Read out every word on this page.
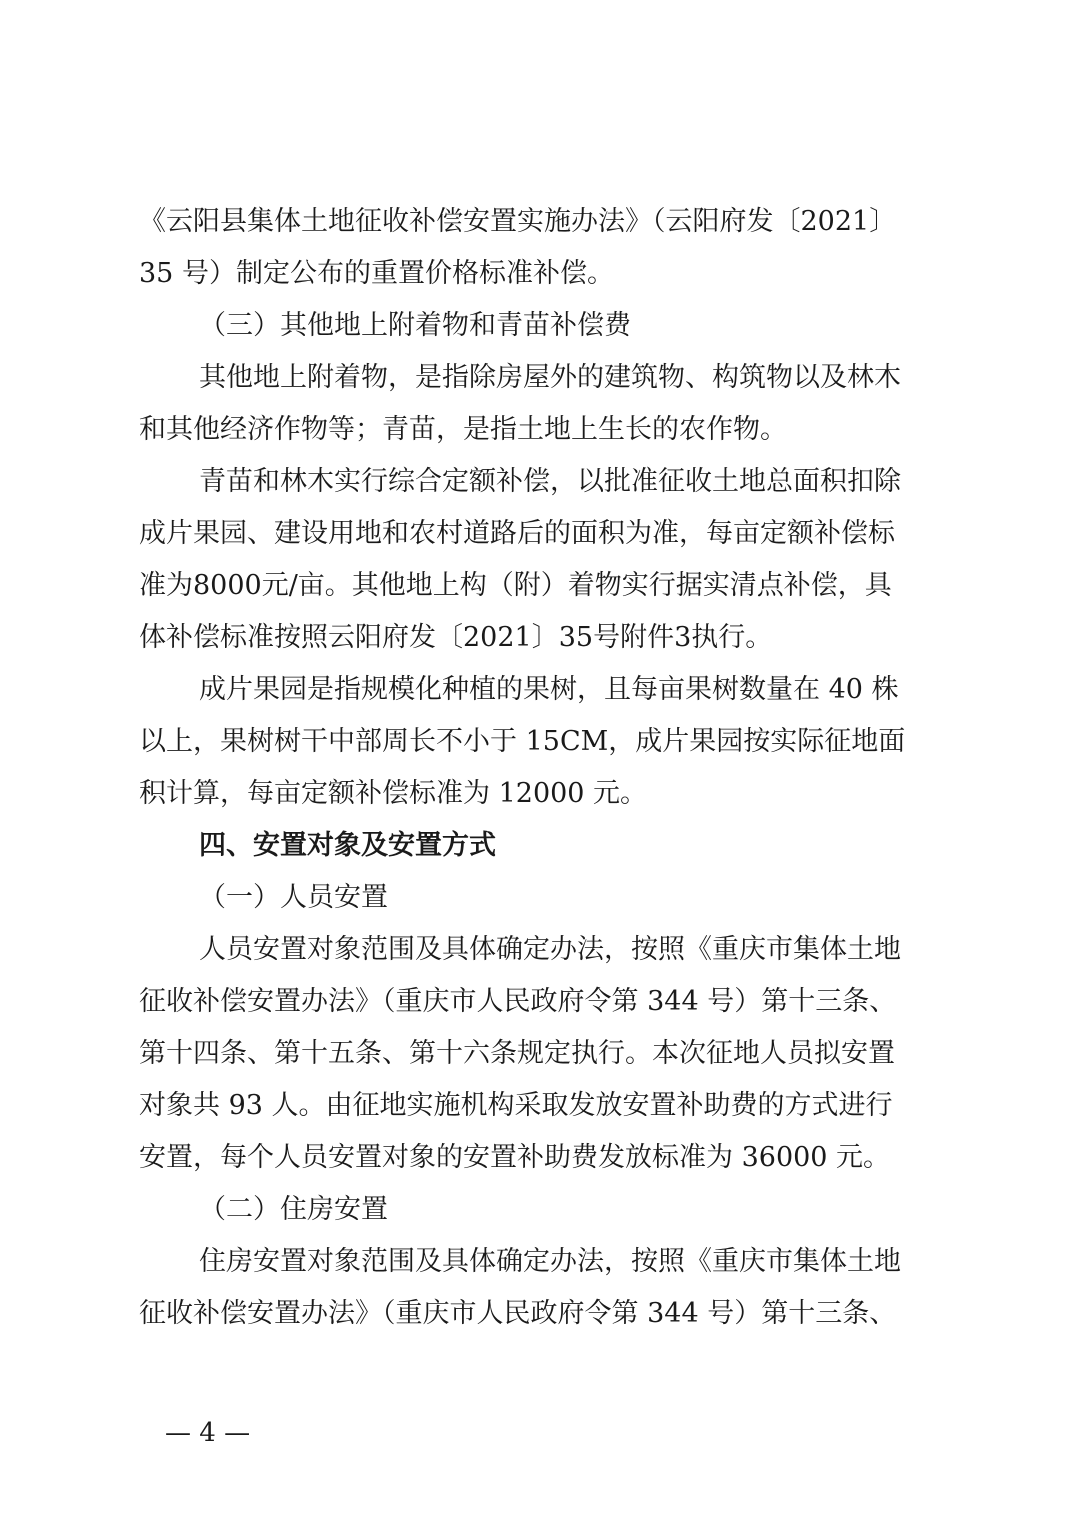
《云阳县集体土地征收补偿安置实施办法》（云阳府发〔2021〕
35 号）制定公布的重置价格标准补偿。
（三）其他地上附着物和青苗补偿费
其他地上附着物，是指除房屋外的建筑物、构筑物以及林木
和其他经济作物等；青苗，是指土地上生长的农作物。
青苗和林木实行综合定额补偿，以批准征收土地总面积扣除
成片果园、建设用地和农村道路后的面积为准，每亩定额补偿标
准为8000元/亩。其他地上构（附）着物实行据实清点补偿，具
体补偿标准按照云阳府发〔2021〕35号附件3执行。
成片果园是指规模化种植的果树，且每亩果树数量在 40 株
以上，果树树干中部周长不小于 15CM，成片果园按实际征地面
积计算，每亩定额补偿标准为 12000 元。
四、安置对象及安置方式
（一）人员安置
人员安置对象范围及具体确定办法，按照《重庆市集体土地
征收补偿安置办法》（重庆市人民政府令第 344 号）第十三条、
第十四条、第十五条、第十六条规定执行。本次征地人员拟安置
对象共 93 人。由征地实施机构采取发放安置补助费的方式进行
安置，每个人员安置对象的安置补助费发放标准为 36000 元。
（二）住房安置
住房安置对象范围及具体确定办法，按照《重庆市集体土地
征收补偿安置办法》（重庆市人民政府令第 344 号）第十三条、
— 4 —
